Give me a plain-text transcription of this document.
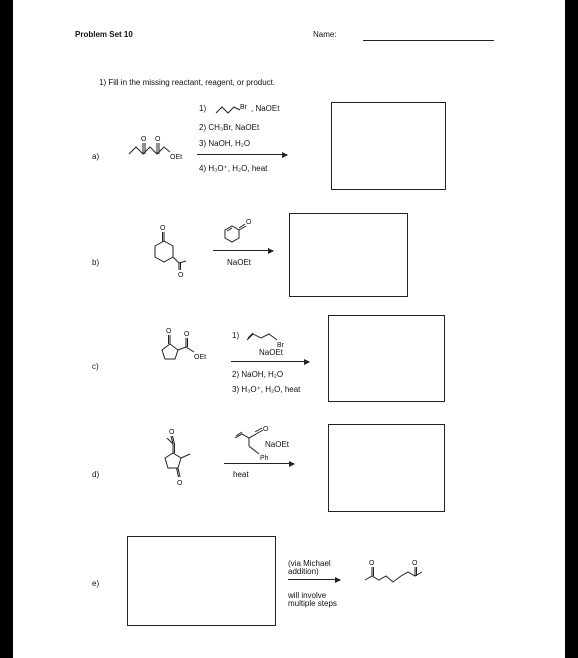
Problem Set 10	Name:
1) Fill in the missing reactant, reagent, or product.
a)
O O
OEt
1)	Br , NaOEt
2) CH₃Br, NaOEt
3) NaOH, H₂O
4) H₃O⁺, H₂O, heat
b)
O
O
O
NaOEt
c)
O O
OEt
1)
Br
NaOEt
2) NaOH, H₂O
3) H₃O⁺, H₂O, heat
d)
O
O
O
Ph
NaOEt
heat
e)
(via Michael
addition)
will involve
multiple steps
O	O
